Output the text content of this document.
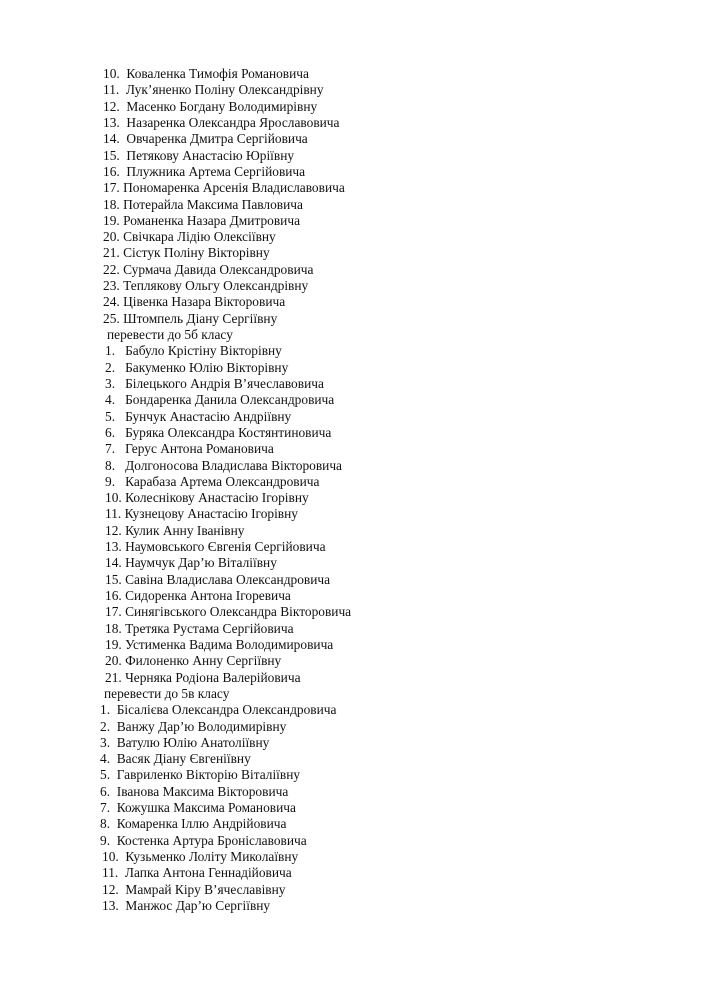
10.  Коваленка Тимофія Романовича
11.  Лук’яненко Поліну Олександрівну
12.  Масенко Богдану Володимирівну
13.  Назаренка Олександра Ярославовича
14.  Овчаренка Дмитра Сергійовича
15.  Петякову Анастасію Юріївну
16.  Плужника Артема Сергійовича
17. Пономаренка Арсенія Владиславовича
18. Потерайла Максима Павловича
19. Романенка Назара Дмитровича
20. Свічкара Лідію Олексіївну
21. Сістук Поліну Вікторівну
22. Сурмача Давида Олександровича
23. Теплякову Ольгу Олександрівну
24. Цівенка Назара Вікторовича
25. Штомпель Діану Сергіївну
перевести до 5б класу
1.   Бабуло Крістіну Вікторівну
2.   Бакуменко Юлію Вікторівну
3.   Білецького Андрія В’ячеславовича
4.   Бондаренка Данила Олександровича
5.   Бунчук Анастасію Андріївну
6.   Буряка Олександра Костянтиновича
7.   Герус Антона Романовича
8.   Долгоносова Владислава Вікторовича
9.   Карабаза Артема Олександровича
10. Колеснікову Анастасію Ігорівну
11. Кузнецову Анастасію Ігорівну
12. Кулик Анну Іванівну
13. Наумовського Євгенія Сергійовича
14. Наумчук Дар’ю Віталіївну
15. Савіна Владислава Олександровича
16. Сидоренка Антона Ігоревича
17. Синягівського Олександра Вікторовича
18. Третяка Рустама Сергійовича
19. Устименка Вадима Володимировича
20. Филоненко Анну Сергіївну
21. Черняка Родіона Валерійовича
перевести до 5в класу
1.  Бісалієва Олександра Олександровича
2.  Ванжу Дар’ю Володимирівну
3.  Ватулю Юлію Анатоліївну
4.  Васяк Діану Євгеніївну
5.  Гавриленко Вікторію Віталіївну
6.  Іванова Максима Вікторовича
7.  Кожушка Максима Романовича
8.  Комаренка Іллю Андрійовича
9.  Костенка Артура Броніславовича
10.  Кузьменко Лоліту Миколаївну
11.  Лапка Антона Геннадійовича
12.  Мамрай Кіру В’ячеславівну
13.  Манжос Дар’ю Сергіївну
